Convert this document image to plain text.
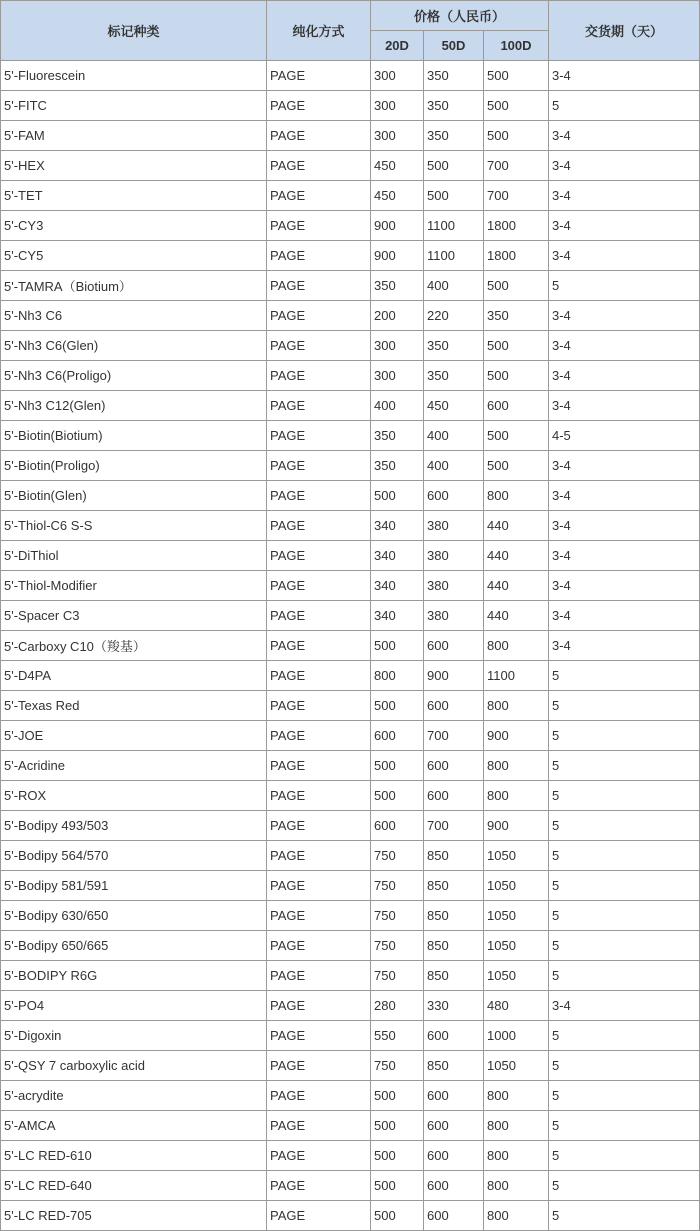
标记种类	纯化方式	价格（人民币）			交货期（天）
		20D	50D	100D	
5'-Fluorescein	PAGE	300	350	500	3-4
5'-FITC	PAGE	300	350	500	5
5'-FAM	PAGE	300	350	500	3-4
5'-HEX	PAGE	450	500	700	3-4
5'-TET	PAGE	450	500	700	3-4
5'-CY3	PAGE	900	1100	1800	3-4
5'-CY5	PAGE	900	1100	1800	3-4
5'-TAMRA（Biotium）	PAGE	350	400	500	5
5'-Nh3 C6	PAGE	200	220	350	3-4
5'-Nh3 C6(Glen)	PAGE	300	350	500	3-4
5'-Nh3 C6(Proligo)	PAGE	300	350	500	3-4
5'-Nh3 C12(Glen)	PAGE	400	450	600	3-4
5'-Biotin(Biotium)	PAGE	350	400	500	4-5
5'-Biotin(Proligo)	PAGE	350	400	500	3-4
5'-Biotin(Glen)	PAGE	500	600	800	3-4
5'-Thiol-C6 S-S	PAGE	340	380	440	3-4
5'-DiThiol	PAGE	340	380	440	3-4
5'-Thiol-Modifier	PAGE	340	380	440	3-4
5'-Spacer C3	PAGE	340	380	440	3-4
5'-Carboxy C10（羧基）	PAGE	500	600	800	3-4
5'-D4PA	PAGE	800	900	1100	5
5'-Texas Red	PAGE	500	600	800	5
5'-JOE	PAGE	600	700	900	5
5'-Acridine	PAGE	500	600	800	5
5'-ROX	PAGE	500	600	800	5
5'-Bodipy 493/503	PAGE	600	700	900	5
5'-Bodipy 564/570	PAGE	750	850	1050	5
5'-Bodipy 581/591	PAGE	750	850	1050	5
5'-Bodipy 630/650	PAGE	750	850	1050	5
5'-Bodipy 650/665	PAGE	750	850	1050	5
5'-BODIPY R6G	PAGE	750	850	1050	5
5'-PO4	PAGE	280	330	480	3-4
5'-Digoxin	PAGE	550	600	1000	5
5'-QSY 7 carboxylic acid	PAGE	750	850	1050	5
5'-acrydite	PAGE	500	600	800	5
5'-AMCA	PAGE	500	600	800	5
5'-LC RED-610	PAGE	500	600	800	5
5'-LC RED-640	PAGE	500	600	800	5
5'-LC RED-705	PAGE	500	600	800	5
